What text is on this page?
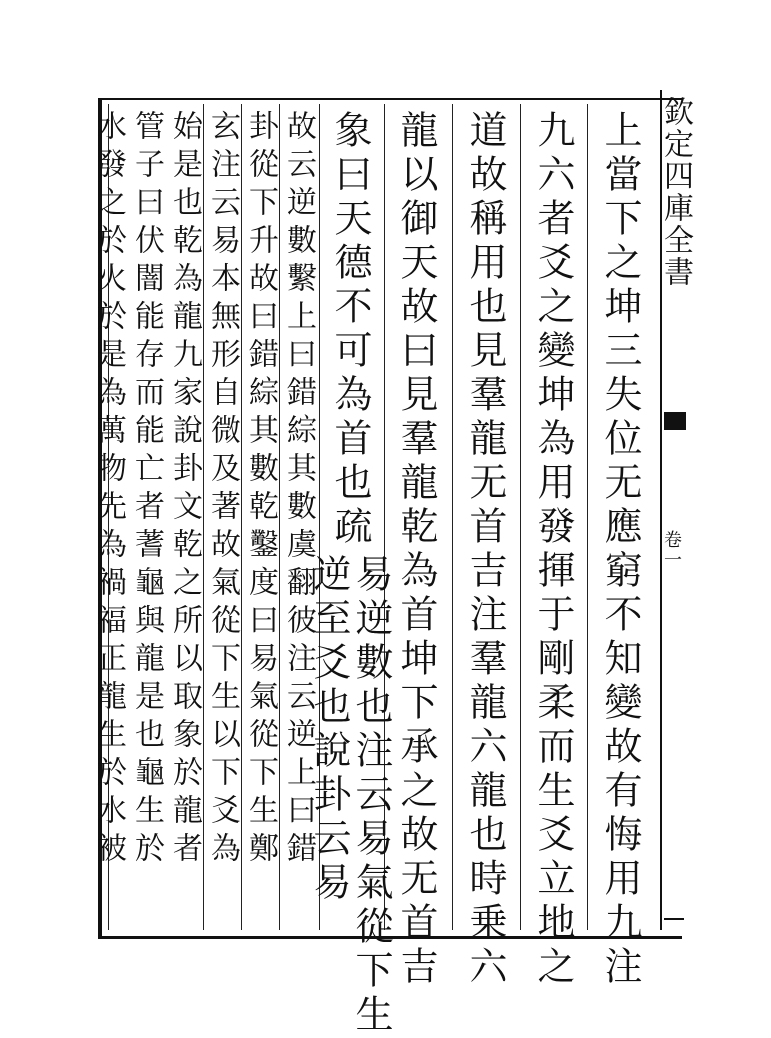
欽定四庫全書
卷一
上當下之坤三失位无應窮不知變故有悔用九注
九六者爻之變坤為用發揮于剛柔而生爻立地之
道故稱用也見羣龍无首吉注羣龍六龍也時乗六
龍以御天故曰見羣龍乾為首坤下承之故无首吉
象曰天德不可為首也疏
易逆數也注云易氣從下生
逆至爻也說卦云易
故云逆數繫上曰錯綜其數虞翻彼注云逆上曰錯
卦從下升故曰錯綜其數乾鑿度曰易氣從下生鄭
玄注云易本無形自微及著故氣從下生以下爻為
始是也乾為龍九家說卦文乾之所以取象於龍者
管子曰伏闇能存而能亡者蓍龜與龍是也龜生於
水發之於火於是為萬物先為禍福正龍生於水被
